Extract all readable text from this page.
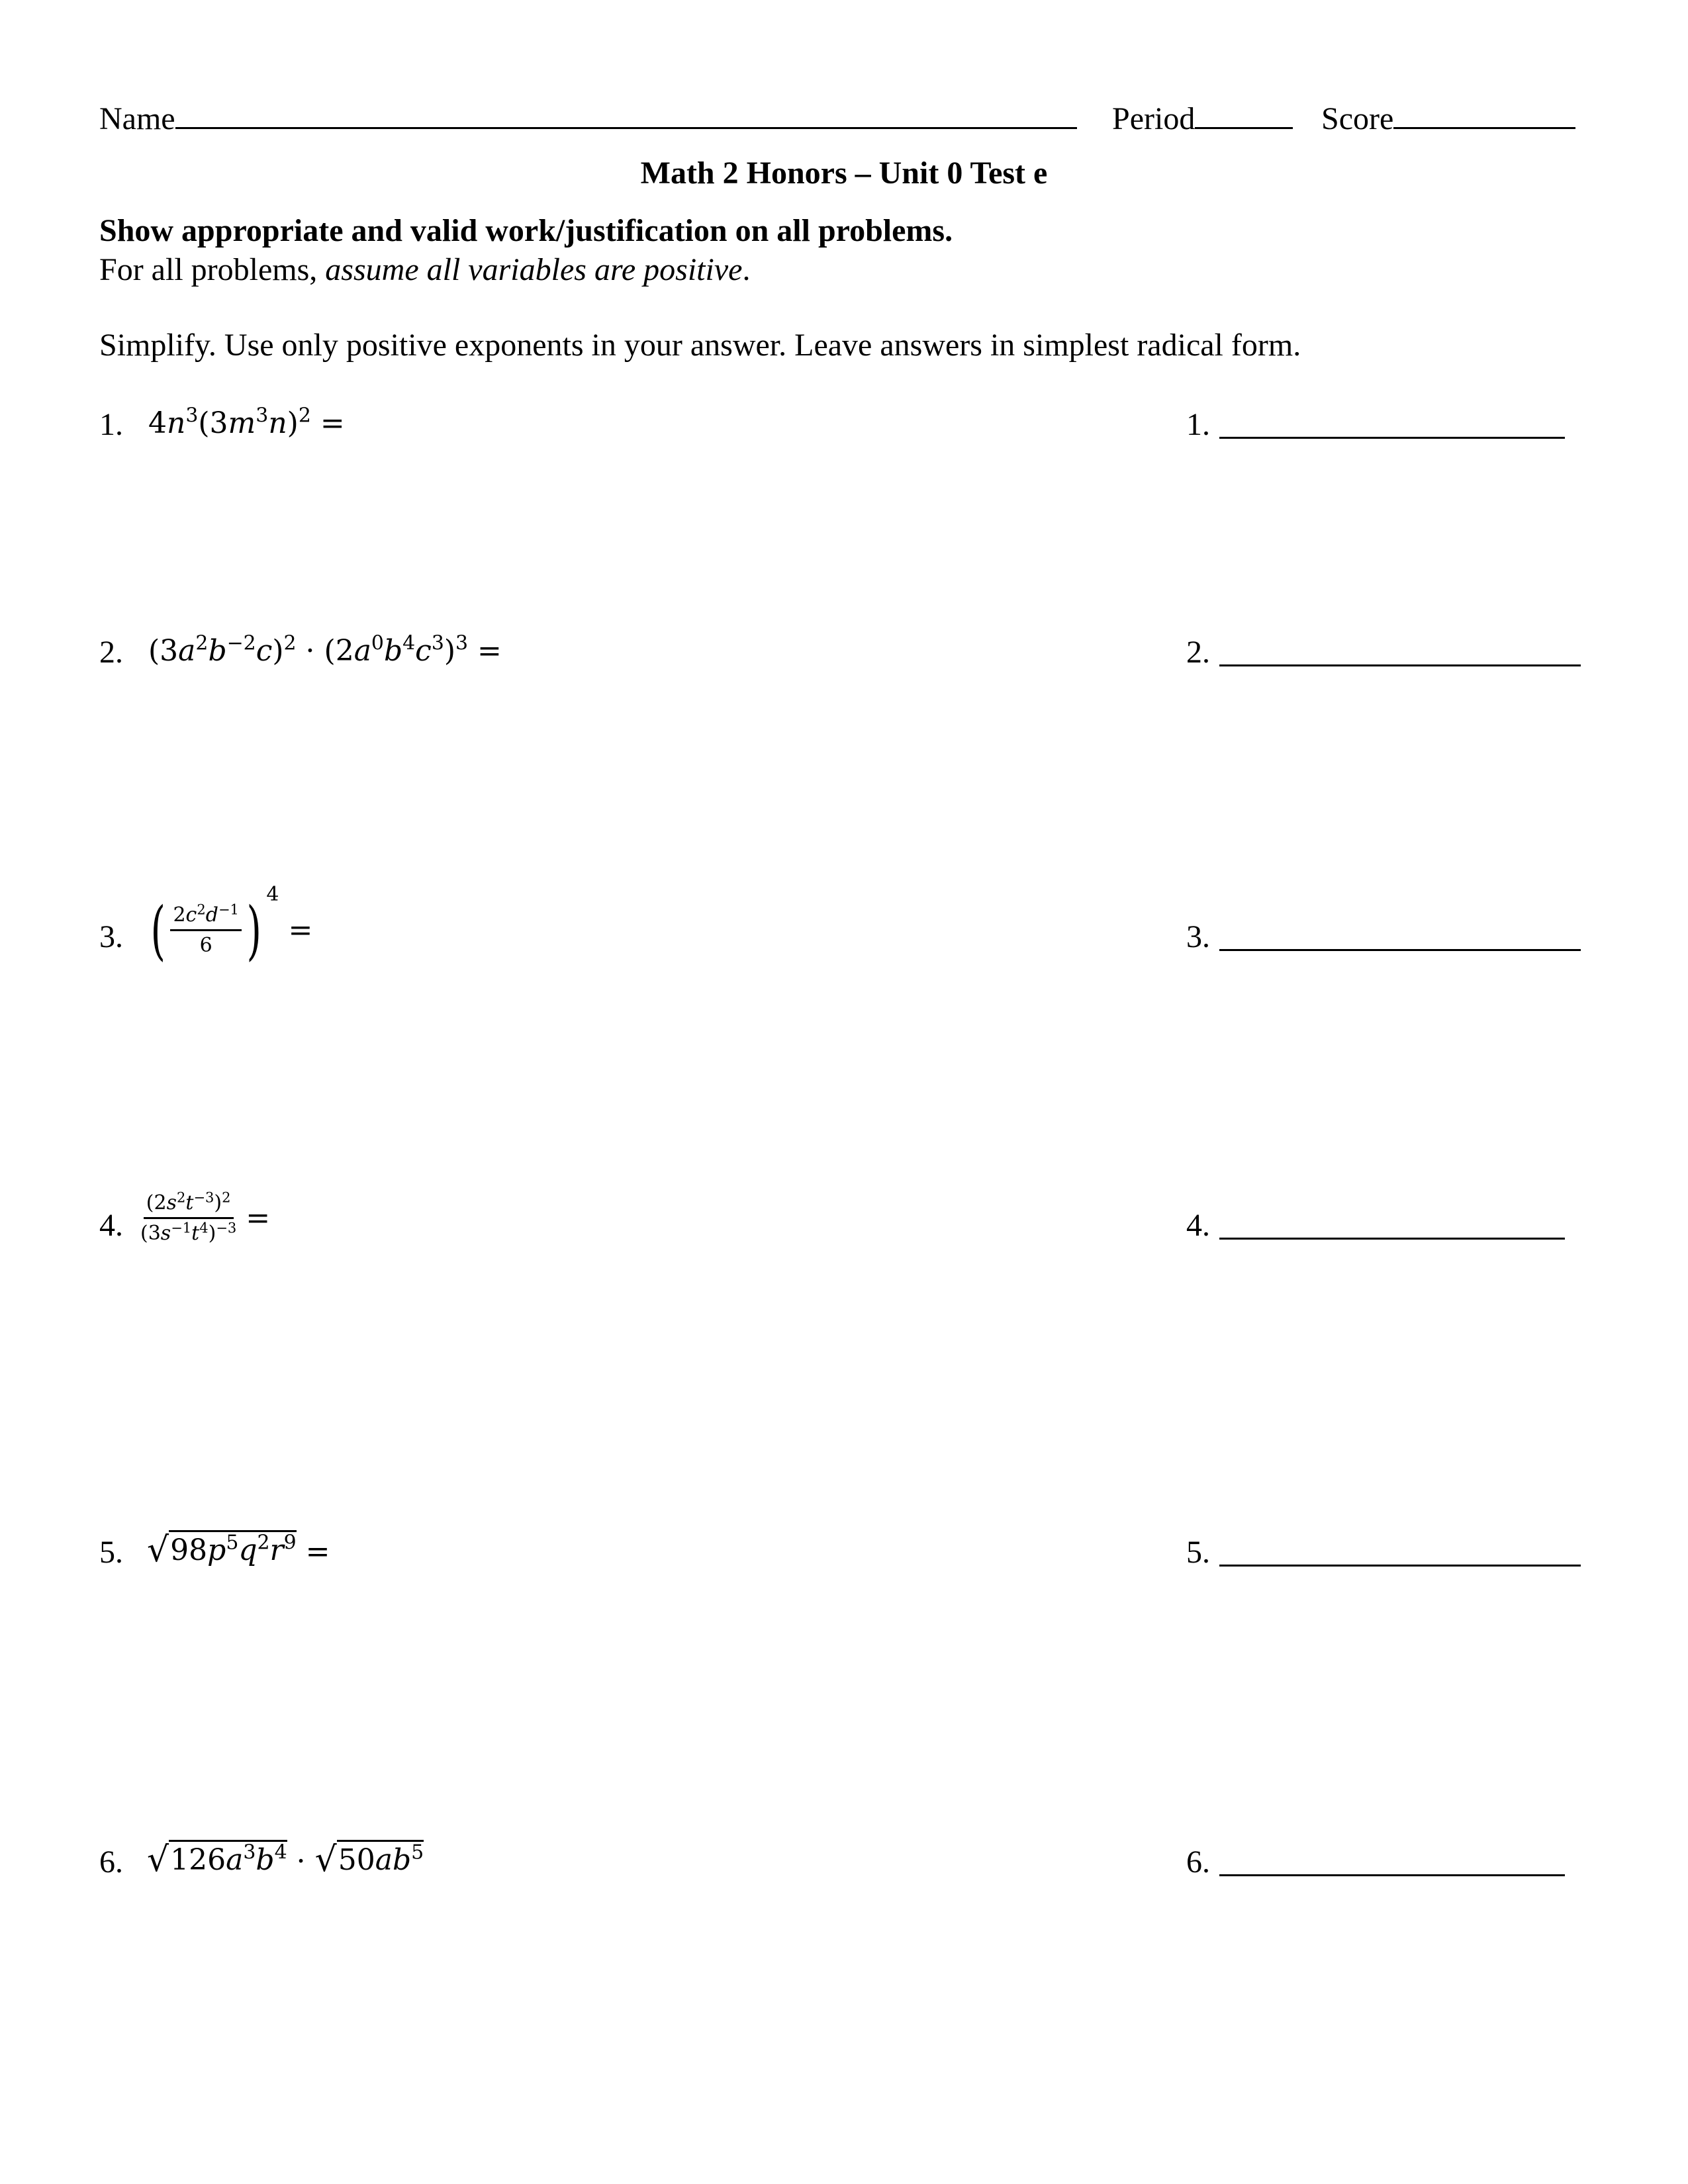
Name	Period	Score
Math 2 Honors – Unit 0 Test e
Show appropriate and valid work/justification on all problems.
For all problems, assume all variables are positive.
Simplify. Use only positive exponents in your answer. Leave answers in simplest radical form.
1. $4n^3(3m^3n)^2$ =	1.
2. $(3a^2b^{-2}c)^2 \cdot (2a^0b^4c^3)^3$ =	2.
3. ( $\frac{2c^2d^{-1}}{6}$ ) $^4$ =	3.
4. $\frac{(2s^2t^{-3})^2}{(3s^{-1}t^4)^{-3}}$ =	4.
5. √ $98p^5q^2r^9$ =	5.
6. √ $126a^3b^4$ · √ $50ab^5$	6.
